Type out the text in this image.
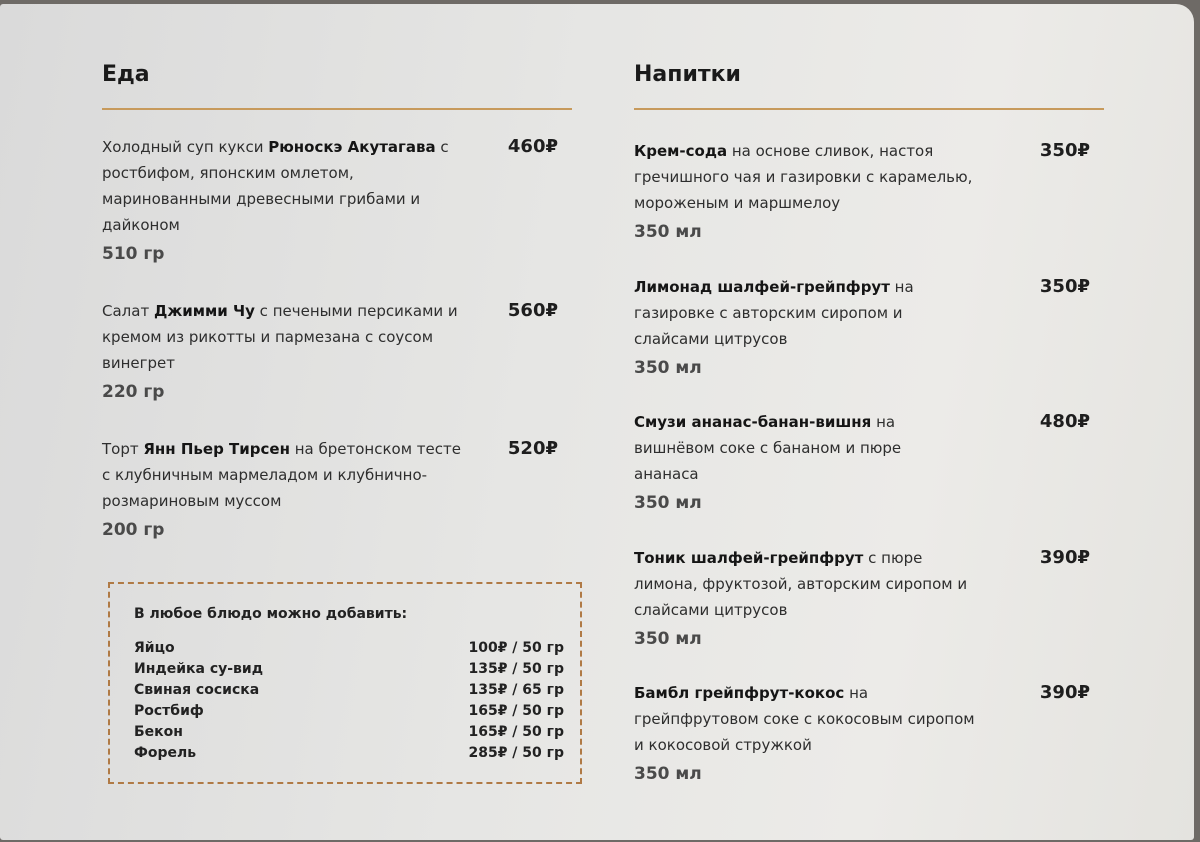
Еда
Холодный суп кукси Рюноскэ Акутагава с ростбифом, японским омлетом, маринованными древесными грибами и дайконом
510 гр
460₽
Салат Джимми Чу с печеными персиками и кремом из рикотты и пармезана с соусом винегрет
220 гр
560₽
Торт Янн Пьер Тирсен на бретонском тесте с клубничным мармеладом и клубнично-розмариновым муссом
200 гр
520₽
В любое блюдо можно добавить:
Яйцо	100₽ / 50 гр
Индейка су-вид	135₽ / 50 гр
Свиная сосиска	135₽ / 65 гр
Ростбиф	165₽ / 50 гр
Бекон	165₽ / 50 гр
Форель	285₽ / 50 гр
Напитки
Крем-сода на основе сливок, настоя гречишного чая и газировки с карамелью, мороженым и маршмелоу
350 мл
350₽
Лимонад шалфей-грейпфрут на газировке с авторским сиропом и слайсами цитрусов
350 мл
350₽
Смузи ананас-банан-вишня на вишнёвом соке с бананом и пюре ананаса
350 мл
480₽
Тоник шалфей-грейпфрут с пюре лимона, фруктозой, авторским сиропом и слайсами цитрусов
350 мл
390₽
Бамбл грейпфрут-кокос на грейпфрутовом соке с кокосовым сиропом и кокосовой стружкой
350 мл
390₽
